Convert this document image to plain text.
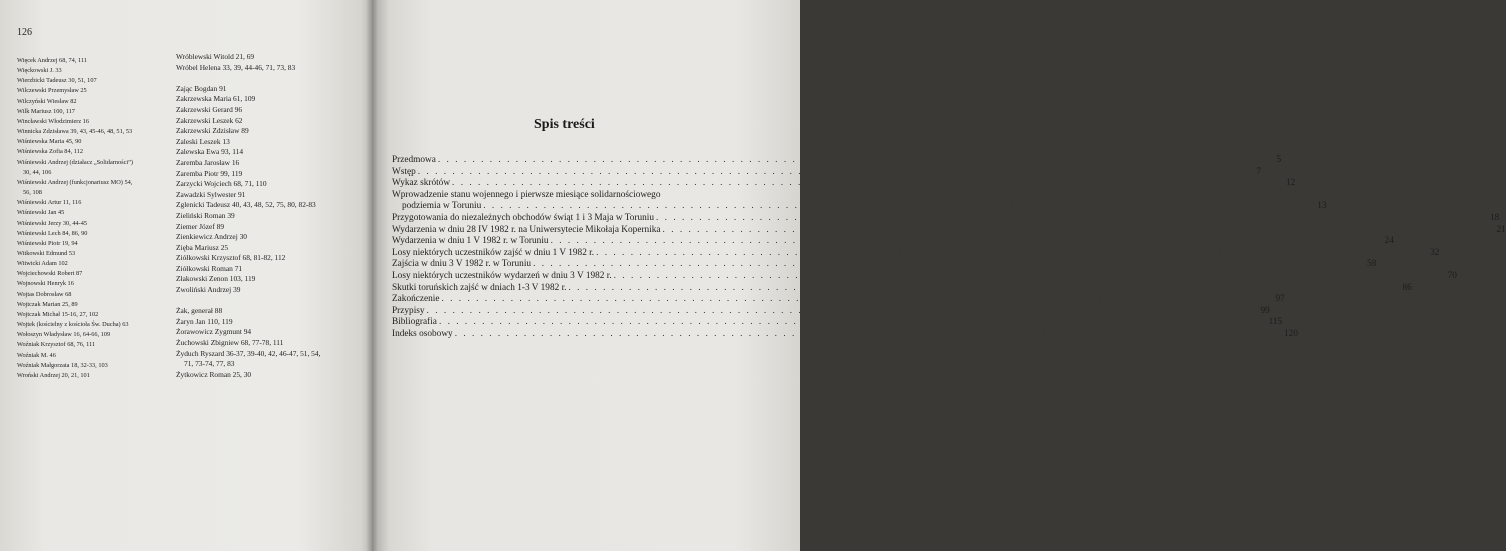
126
Więcek Andrzej 68, 74, 111
Więckowski J. 33
Wierzbicki Tadeusz 30, 51, 107
Wilczewski Przemysław 25
Wilczyński Wiesław 82
Wilk Mariusz 100, 117
Wincławski Włodzimierz 16
Winnicka Zdzisława 39, 43, 45-46, 48, 51, 53
Wiśniewska Maria 45, 90
Wiśniewska Zofia 84, 112
Wiśniewski Andrzej (działacz „Solidarności”)
30, 44, 106
Wiśniewski Andrzej (funkcjonariusz MO) 54,
56, 108
Wiśniewski Artur 11, 116
Wiśniewski Jan 45
Wiśniewski Jerzy 30, 44-45
Wiśniewski Lech 84, 86, 90
Wiśniewski Piotr 19, 94
Witkowski Edmund 53
Witwicki Adam 102
Wojciechowski Robert 87
Wojnowski Henryk 16
Wojtas Dobrosław 68
Wojtczak Marian 25, 89
Wojtczak Michał 15-16, 27, 102
Wojtek (kościelny z kościoła Św. Ducha) 63
Wołoszyn Władysław 16, 64-66, 109
Woźniak Krzysztof 68, 76, 111
Woźniak M. 46
Woźniak Małgorzata 18, 32-33, 103
Wroński Andrzej 20, 21, 101
Wróblewski Witold 21, 69
Wróbel Helena 33, 39, 44-46, 71, 73, 83
Zając Bogdan 91
Zakrzewska Maria 61, 109
Zakrzewski Gerard 96
Zakrzewski Leszek 62
Zakrzewski Zdzisław 89
Zaleski Leszek 13
Zalewska Ewa 93, 114
Zaremba Jarosław 16
Zaremba Piotr 99, 119
Zarzycki Wojciech 68, 71, 110
Zawadzki Sylwester 91
Zglenicki Tadeusz 40, 43, 48, 52, 75, 80, 82-83
Zieliński Roman 39
Ziemer Józef 89
Zienkiewicz Andrzej 30
Zięba Mariusz 25
Ziółkowski Krzysztof 68, 81-82, 112
Ziółkowski Roman 71
Złakowski Zenon 103, 119
Zwoliński Andrzej 39
Żak, generał 88
Żaryn Jan 110, 119
Żorawowicz Zygmunt 94
Żuchowski Zbigniew 68, 77-78, 111
Żyduch Ryszard 36-37, 39-40, 42, 46-47, 51, 54,
71, 73-74, 77, 83
Żytkowicz Roman 25, 30
Spis treści
Przedmowa . . .	5
Wstęp . . .	7
Wykaz skrótów . . .	12
Wprowadzenie stanu wojennego i pierwsze miesiące solidarnościowego
podziemia w Toruniu . . .	13
Przygotowania do niezależnych obchodów świąt 1 i 3 Maja w Toruniu . . .	18
Wydarzenia w dniu 28 IV 1982 r. na Uniwersytecie Mikołaja Kopernika . . .	21
Wydarzenia w dniu 1 V 1982 r. w Toruniu . . .	24
Losy niektórych uczestników zajść w dniu 1 V 1982 r. . . .	32
Zajścia w dniu 3 V 1982 r. w Toruniu . . .	58
Losy niektórych uczestników wydarzeń w dniu 3 V 1982 r. . . .	70
Skutki toruńskich zajść w dniach 1-3 V 1982 r. . . .	86
Zakończenie . . .	97
Przypisy . . .	99
Bibliografia . . .	115
Indeks osobowy . . .	120
